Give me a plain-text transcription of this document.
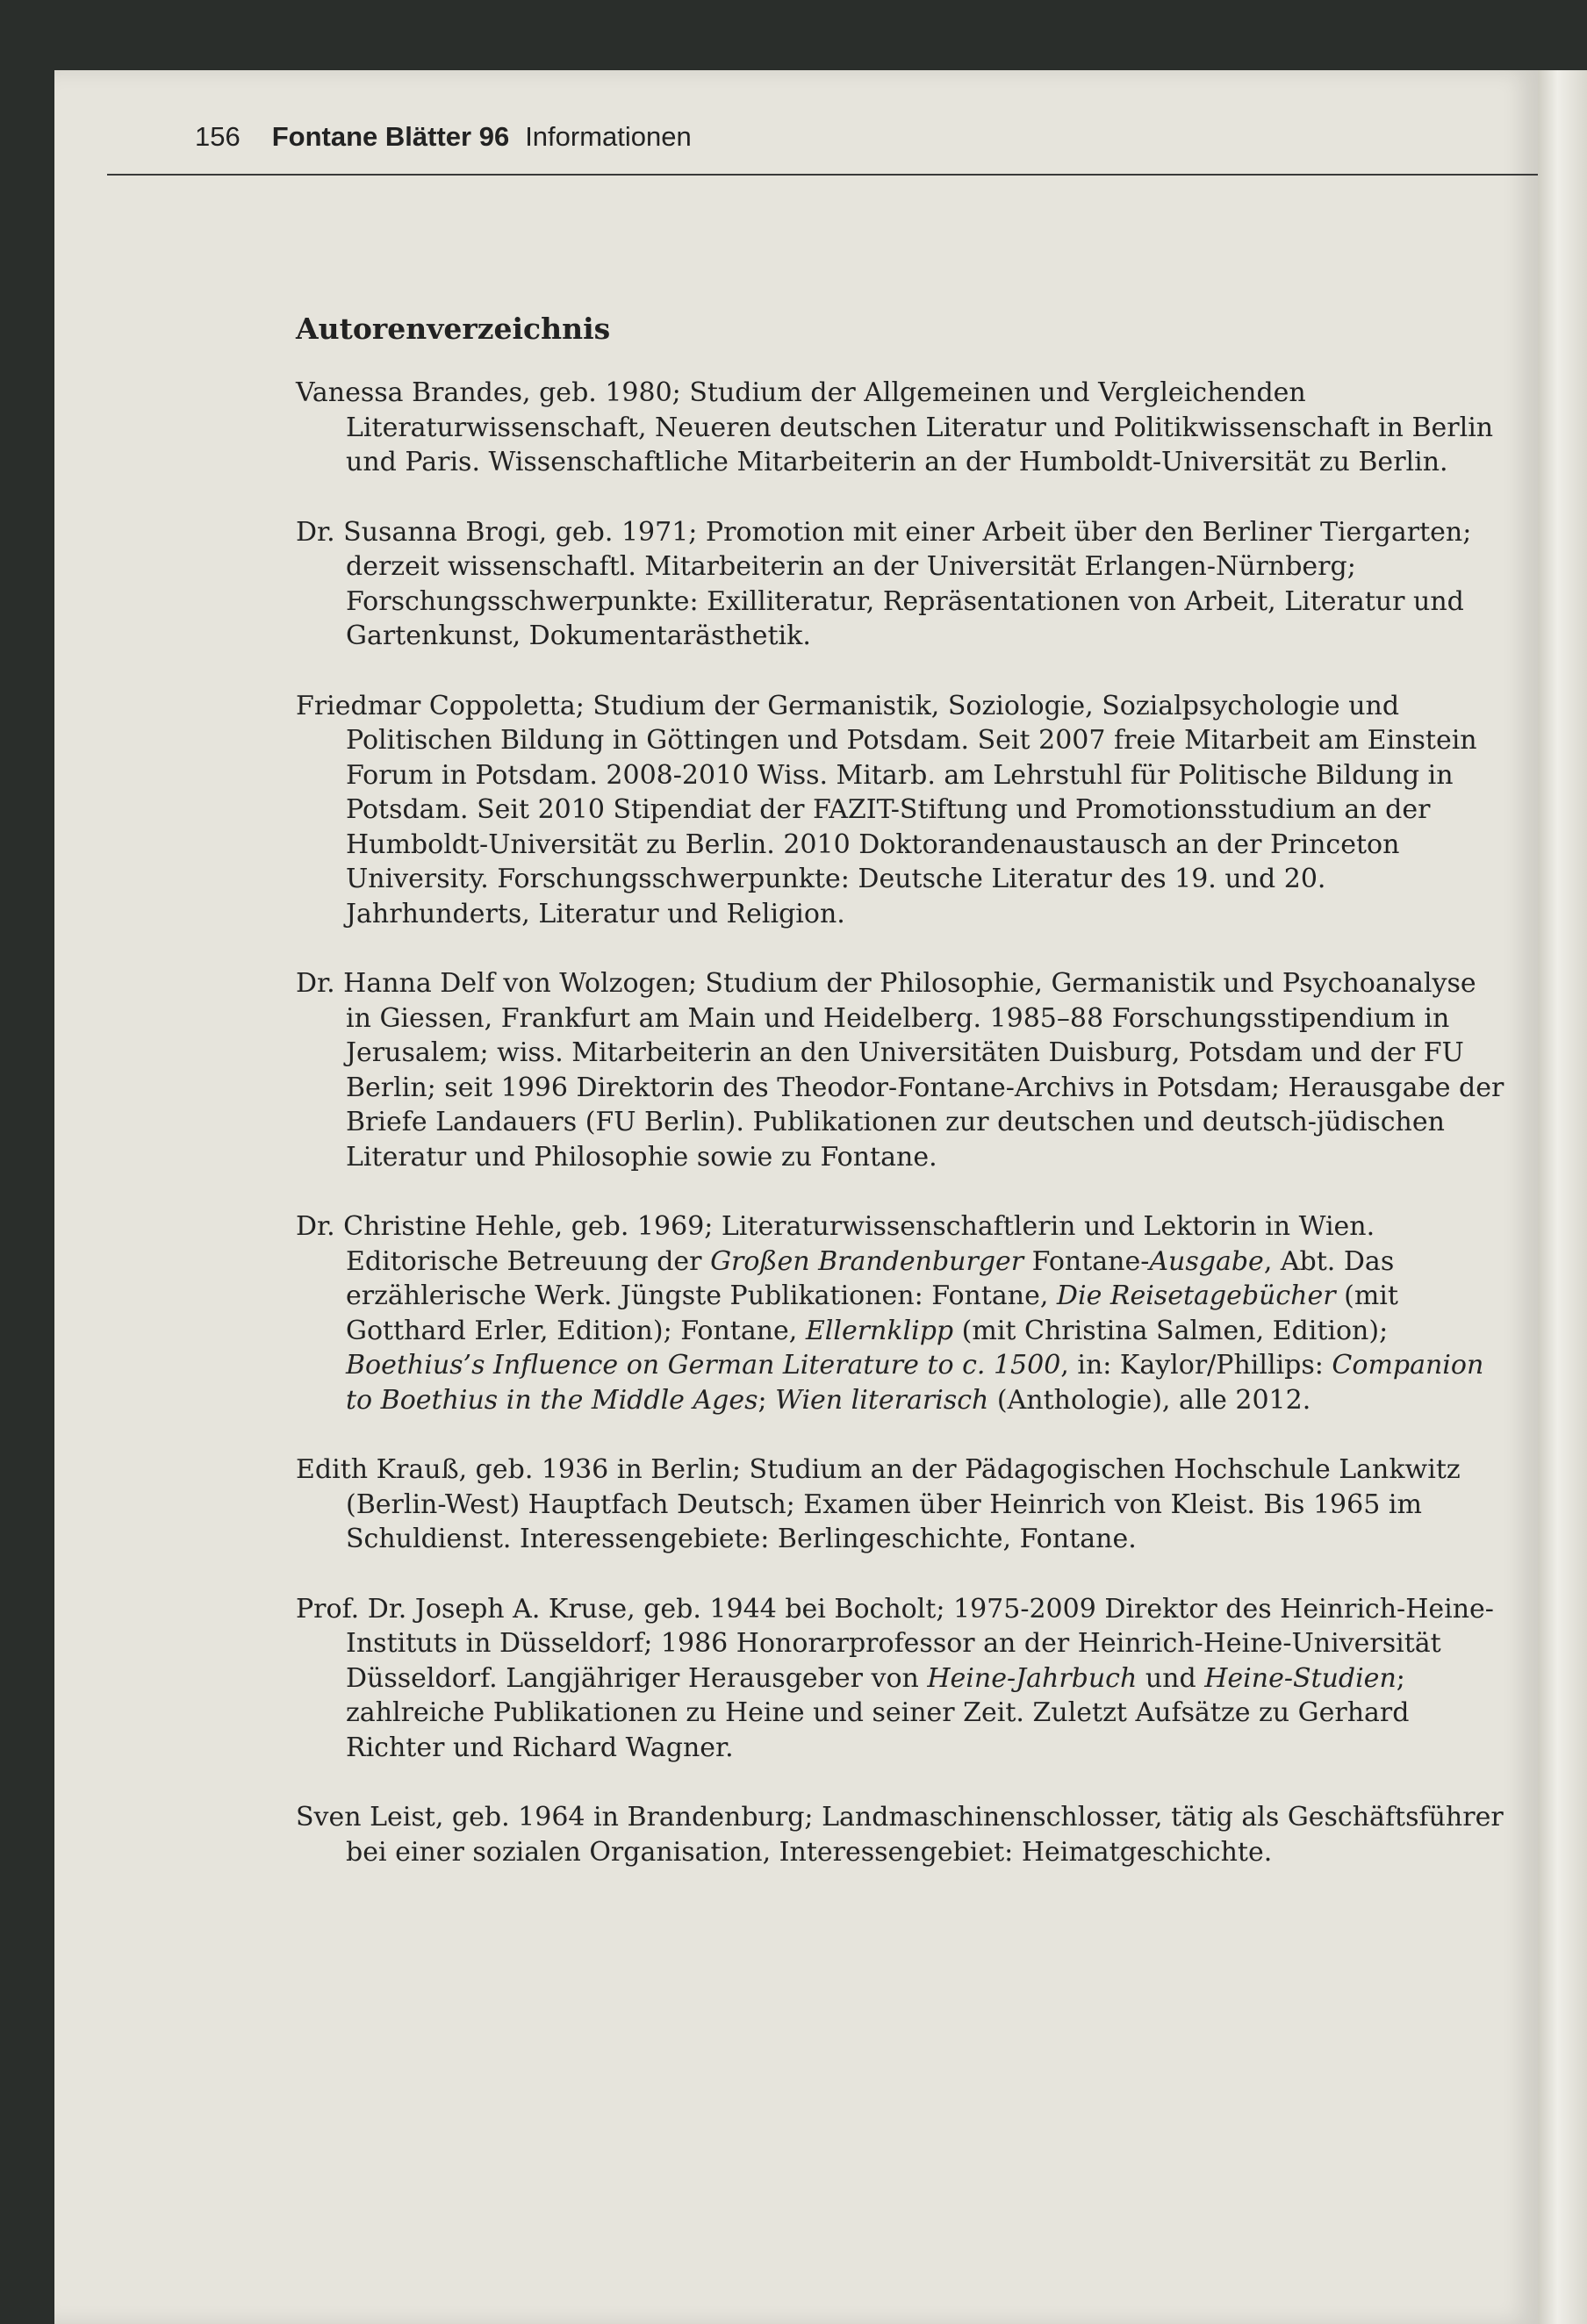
156 Fontane Blätter 96 Informationen
Autorenverzeichnis

Vanessa Brandes, geb. 1980; Studium der Allgemeinen und Vergleichenden Literaturwissenschaft, Neueren deutschen Literatur und Politikwissenschaft in Berlin und Paris. Wissenschaftliche Mitarbeiterin an der Humboldt-Universität zu Berlin.

Dr. Susanna Brogi, geb. 1971; Promotion mit einer Arbeit über den Berliner Tiergarten; derzeit wissenschaftl. Mitarbeiterin an der Universität Erlangen-Nürnberg; Forschungsschwerpunkte: Exilliteratur, Repräsentationen von Arbeit, Literatur und Gartenkunst, Dokumentarästhetik.

Friedmar Coppoletta; Studium der Germanistik, Soziologie, Sozialpsychologie und Politischen Bildung in Göttingen und Potsdam. Seit 2007 freie Mitarbeit am Einstein Forum in Potsdam. 2008-2010 Wiss. Mitarb. am Lehrstuhl für Politische Bildung in Potsdam. Seit 2010 Stipendiat der FAZIT-Stiftung und Promotionsstudium an der Humboldt-Universität zu Berlin. 2010 Doktorandenaustausch an der Princeton University. Forschungsschwerpunkte: Deutsche Literatur des 19. und 20. Jahrhunderts, Literatur und Religion.

Dr. Hanna Delf von Wolzogen; Studium der Philosophie, Germanistik und Psychoanalyse in Giessen, Frankfurt am Main und Heidelberg. 1985–88 Forschungsstipendium in Jerusalem; wiss. Mitarbeiterin an den Universitäten Duisburg, Potsdam und der FU Berlin; seit 1996 Direktorin des Theodor-Fontane-Archivs in Potsdam; Herausgabe der Briefe Landauers (FU Berlin). Publikationen zur deutschen und deutsch-jüdischen Literatur und Philosophie sowie zu Fontane.

Dr. Christine Hehle, geb. 1969; Literaturwissenschaftlerin und Lektorin in Wien. Editorische Betreuung der Großen Brandenburger Fontane-Ausgabe, Abt. Das erzählerische Werk. Jüngste Publikationen: Fontane, Die Reisetagebücher (mit Gotthard Erler, Edition); Fontane, Ellernklipp (mit Christina Salmen, Edition); Boethius’s Influence on German Literature to c. 1500, in: Kaylor/Phillips: Companion to Boethius in the Middle Ages; Wien literarisch (Anthologie), alle 2012.

Edith Krauß, geb. 1936 in Berlin; Studium an der Pädagogischen Hochschule Lankwitz (Berlin-West) Hauptfach Deutsch; Examen über Heinrich von Kleist. Bis 1965 im Schuldienst. Interessengebiete: Berlingeschichte, Fontane.

Prof. Dr. Joseph A. Kruse, geb. 1944 bei Bocholt; 1975-2009 Direktor des Heinrich-Heine-Instituts in Düsseldorf; 1986 Honorarprofessor an der Heinrich-Heine-Universität Düsseldorf. Langjähriger Herausgeber von Heine-Jahrbuch und Heine-Studien; zahlreiche Publikationen zu Heine und seiner Zeit. Zuletzt Aufsätze zu Gerhard Richter und Richard Wagner.

Sven Leist, geb. 1964 in Brandenburg; Landmaschinenschlosser, tätig als Geschäftsführer bei einer sozialen Organisation, Interessengebiet: Heimatgeschichte.
